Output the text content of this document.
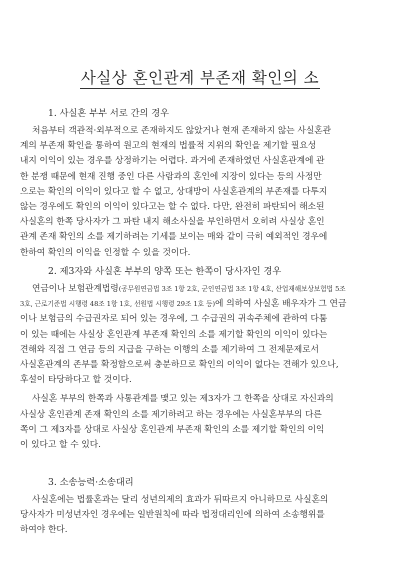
사실상 혼인관계 부존재 확인의 소

1. 사실혼 부부 서로 간의 경우

처음부터 객관적·외부적으로 존재하지도 않았거나 현재 존재하지 않는 사실혼관
계의 부존재 확인을 통하여 원고의 현재의 법률적 지위의 확인을 제기할 필요성
내지 이익이 있는 경우를 상정하기는 어렵다. 과거에 존재하였던 사실혼관계에 관
한 분쟁 때문에 현재 진행 중인 다른 사람과의 혼인에 지장이 있다는 등의 사정만
으로는 확인의 이익이 있다고 할 수 없고, 상대방이 사실혼관계의 부존재를 다투지
않는 경우에도 확인의 이익이 있다고는 할 수 없다. 다만, 완전히 파탄되어 해소된
사실혼의 한쪽 당사자가 그 파탄 내지 해소사실을 부인하면서 오히려 사실상 혼인
관계 존재 확인의 소를 제기하려는 기세를 보이는 매와 같이 극히 예외적인 경우에
한하여 확인의 이익을 인정할 수 있을 것이다.

2. 제3자와 사실혼 부부의 양쪽 또는 한쪽이 당사자인 경우

연금이나 보험관계법령(공무원연금법 3조 1항 2호, 군인연금법 3조 1항 4호, 산업재해보상보험법 5조
3호, 근로기준법 시행령 48조 1항 1호, 선원법 시행령 29조 1호 등)에 의하여 사실혼 배우자가 그 연금
이나 보험금의 수급권자로 되어 있는 경우에, 그 수급권의 귀속주체에 관하여 다툼
이 있는 때에는 사실상 혼인관계 부존재 확인의 소를 제기할 확인의 이익이 있다는
견해와 직접 그 연금 등의 지급을 구하는 이행의 소를 제기하여 그 전제문제로서
사실혼관계의 존부를 확정함으로써 충분하므로 확인의 이익이 없다는 견해가 있으나,
후설이 타당하다고 할 것이다.

사실혼 부부의 한쪽과 사통관계를 맺고 있는 제3자가 그 한쪽을 상대로 자신과의
사실상 혼인관계 존재 확인의 소를 제기하려고 하는 경우에는 사실혼부부의 다른
쪽이 그 제3자를 상대로 사실상 혼인관계 부존재 확인의 소를 제기할 확인의 이익
이 있다고 할 수 있다.

3. 소송능력·소송대리

사실혼에는 법률혼과는 달리 성년의제의 효과가 뒤따르지 아니하므로 사실혼의
당사자가 미성년자인 경우에는 일반원칙에 따라 법정대리인에 의하여 소송행위를
하여야 한다.
